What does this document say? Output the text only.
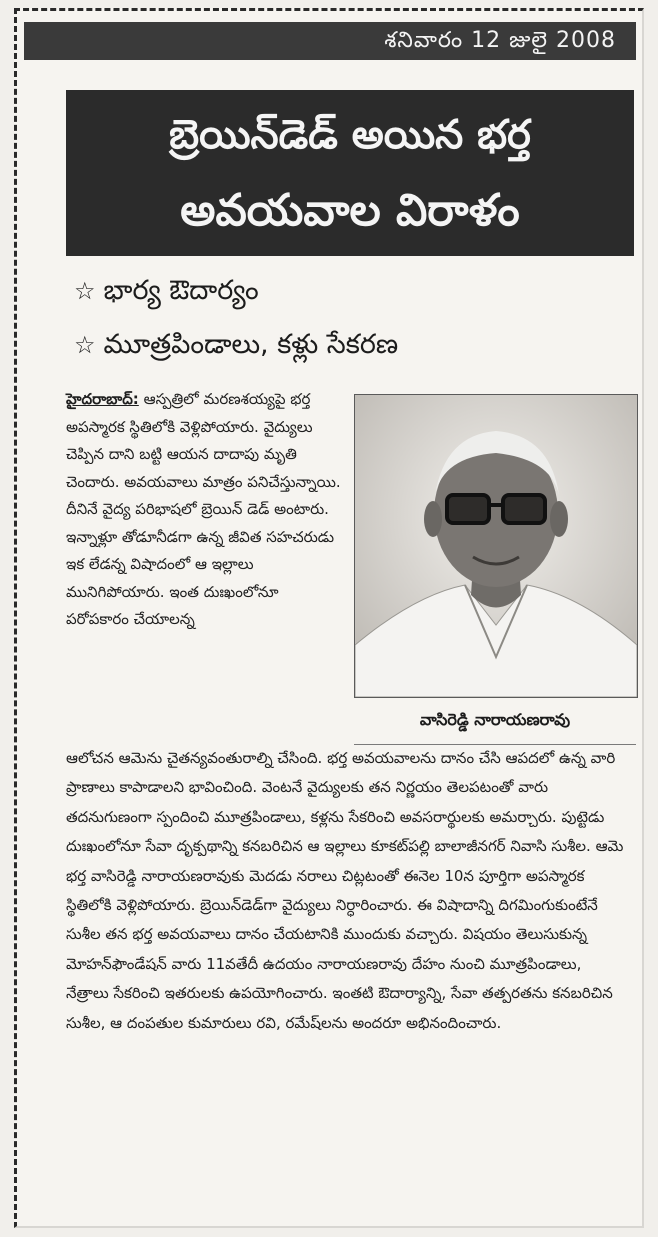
శనివారం 12 జులై 2008
బ్రెయిన్‌డెడ్ అయిన భర్త
అవయవాల విరాళం
☆ భార్య ఔదార్యం
☆ మూత్రపిండాలు, కళ్లు సేకరణ

హైదరాబాద్: ఆస్పత్రిలో మరణశయ్యపై భర్త అపస్మారక స్థితిలోకి వెళ్లిపోయారు. వైద్యులు చెప్పిన దాని బట్టి ఆయన దాదాపు మృతి చెందారు. అవయవాలు మాత్రం పనిచేస్తున్నాయి. దీనినే వైద్య పరిభాషలో బ్రెయిన్ డెడ్ అంటారు. ఇన్నాళ్లూ తోడూనీడగా ఉన్న జీవిత సహచరుడు ఇక లేడన్న విషాదంలో ఆ ఇల్లాలు మునిగిపోయారు. ఇంత దుఃఖంలోనూ పరోపకారం చేయాలన్న

వాసిరెడ్డి నారాయణరావు

ఆలోచన ఆమెను చైతన్యవంతురాల్ని చేసింది. భర్త అవయవాలను దానం చేసి ఆపదలో ఉన్న వారి ప్రాణాలు కాపాడాలని భావించింది. వెంటనే వైద్యులకు తన నిర్ణయం తెలపటంతో వారు తదనుగుణంగా స్పందించి మూత్రపిండాలు, కళ్లను సేకరించి అవసరార్థులకు అమర్చారు. పుట్టెడు దుఃఖంలోనూ సేవా దృక్పథాన్ని కనబరిచిన ఆ ఇల్లాలు కూకట్‌పల్లి బాలాజీనగర్ నివాసి సుశీల. ఆమె భర్త వాసిరెడ్డి నారాయణరావుకు మెదడు నరాలు చిట్లటంతో ఈనెల 10న పూర్తిగా అపస్మారక స్థితిలోకి వెళ్లిపోయారు. బ్రెయిన్‌డెడ్‌గా వైద్యులు నిర్ధారించారు. ఈ విషాదాన్ని దిగమింగుకుంటేనే సుశీల తన భర్త అవయవాలు దానం చేయటానికి ముందుకు వచ్చారు. విషయం తెలుసుకున్న మోహన్‌ఫౌండేషన్ వారు 11వతేదీ ఉదయం నారాయణరావు దేహం నుంచి మూత్రపిండాలు, నేత్రాలు సేకరించి ఇతరులకు ఉపయోగించారు. ఇంతటి ఔదార్యాన్ని, సేవా తత్పరతను కనబరిచిన సుశీల, ఆ దంపతుల కుమారులు రవి, రమేష్‌లను అందరూ అభినందించారు.
